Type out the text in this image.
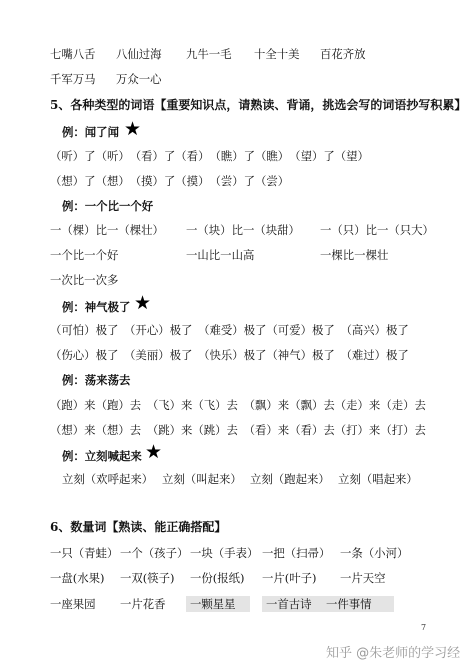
七嘴八舌 八仙过海 九牛一毛 十全十美 百花齐放
千军万马 万众一心
5、各种类型的词语【重要知识点，请熟读、背诵，挑选会写的词语抄写积累】
例：闻了闻 ★
（听）了（听）　（看）了（看）　（瞧）了（瞧）　（望）了（望）
（想）了（想）　（摸）了（摸）　（尝）了（尝）
例：一个比一个好
一（棵）比一（棵壮） 一（块）比一（块甜） 一（只）比一（只大）
一个比一个好	一山比一山高	一棵比一棵壮
一次比一次多
例：神气极了 ★
（可怕）极了　（开心）极了　（难受）极了（可爱）极了　（高兴）极了
（伤心）极了　（美丽）极了　（快乐）极了（神气）极了　（难过）极了
例：荡来荡去
（跑）来（跑）去　（飞）来（飞）去　（飘）来（飘）去（走）来（走）去
（想）来（想）去　（跳）来（跳）去　（看）来（看）去（打）来（打）去
例：立刻喊起来 ★
立刻（欢呼起来） 立刻（叫起来） 立刻（跑起来） 立刻（唱起来）
6、数量词【熟读、能正确搭配】
一只（青蛙） 一个（孩子） 一块（手表） 一把（扫帚） 一条（小河）
一盘(水果) 一双(筷子) 一份(报纸) 一片(叶子) 一片天空
一座果园 一片花香	一颗星星	一首古诗	一件事情
7
知乎 @朱老师的学习经
